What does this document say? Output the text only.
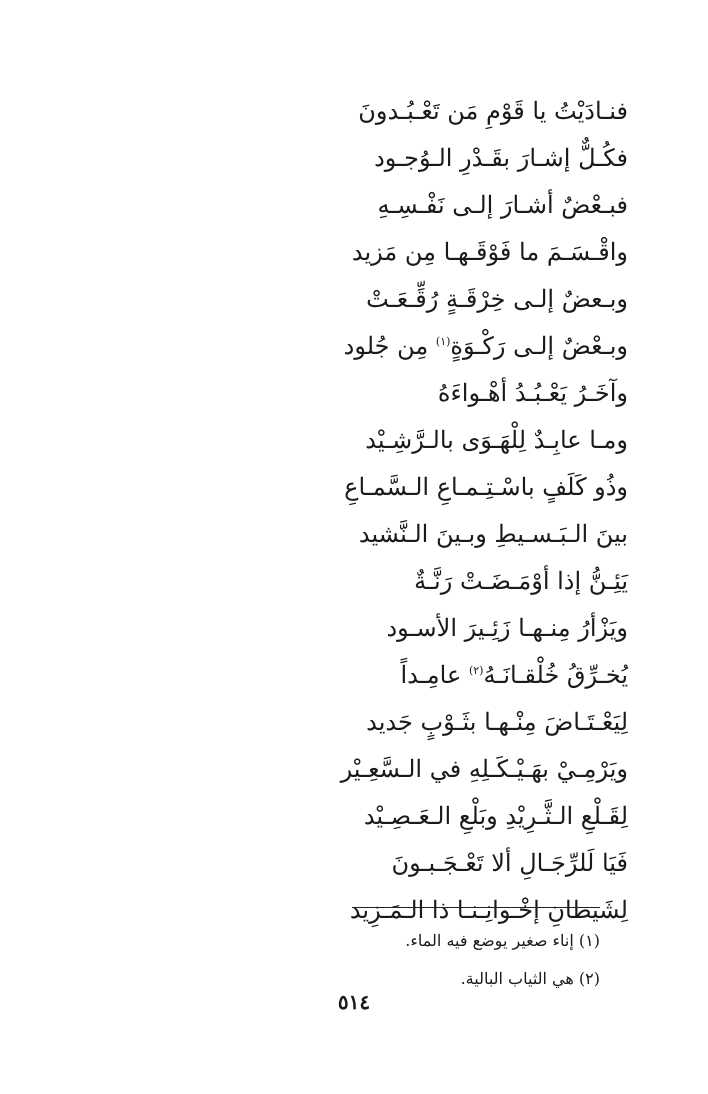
فنـادَيْتُ يا قَوْمِ مَن تَعْـبُـدونَ
فكُـلٌّ إشـارَ بقَـدْرِ الـوُجـود
فبـعْضٌ أشـارَ إلـى نَفْـسِـهِ
واقْـسَـمَ ما فَوْقَـهـا مِن مَزيد
وبـعضٌ إلـى خِرْقَـةٍ رُقِّـعَـتْ
وبـعْضٌ إلـى رَكْـوَةٍ$^{(١)}$ مِن جُلود
وآخَـرُ يَعْـبُـدُ أهْـواءَهُ
ومـا عابِـدٌ لِلْهَـوَى بالـرَّشِـيْد
وذُو كَلَفٍ باسْـتِـمـاعِ الـسَّمـاعِ
بينَ الـبَـسـيطِ وبـينَ الـنَّشيد
يَئِـنُّ إذا أوْمَـضَـتْ رَنَّـةٌ
ويَزْأرُ مِنـهـا زَئِـيرَ الأسـود
يُخـرِّقُ خُلْقـانَـهُ$^{(٢)}$ عامِـداً
لِيَعْـتَـاضَ مِنْـهـا بثَـوْبٍ جَديد
ويَرْمِـيْ بهَـيْـكَـلِهِ في الـسَّعِـيْر
لِقَـلْعِ الـثَّـرِيْدِ وبَلْعِ الـعَـصِـيْد
فَيَا لَلرِّجَـالِ ألا تَعْـجَـبـونَ
لِشَيطانِ إخْـوانِـنـا ذا الـمَـزِيد
(١) إناء صغير يوضع فيه الماء.
(٢) هي الثياب البالية.
٥١٤
